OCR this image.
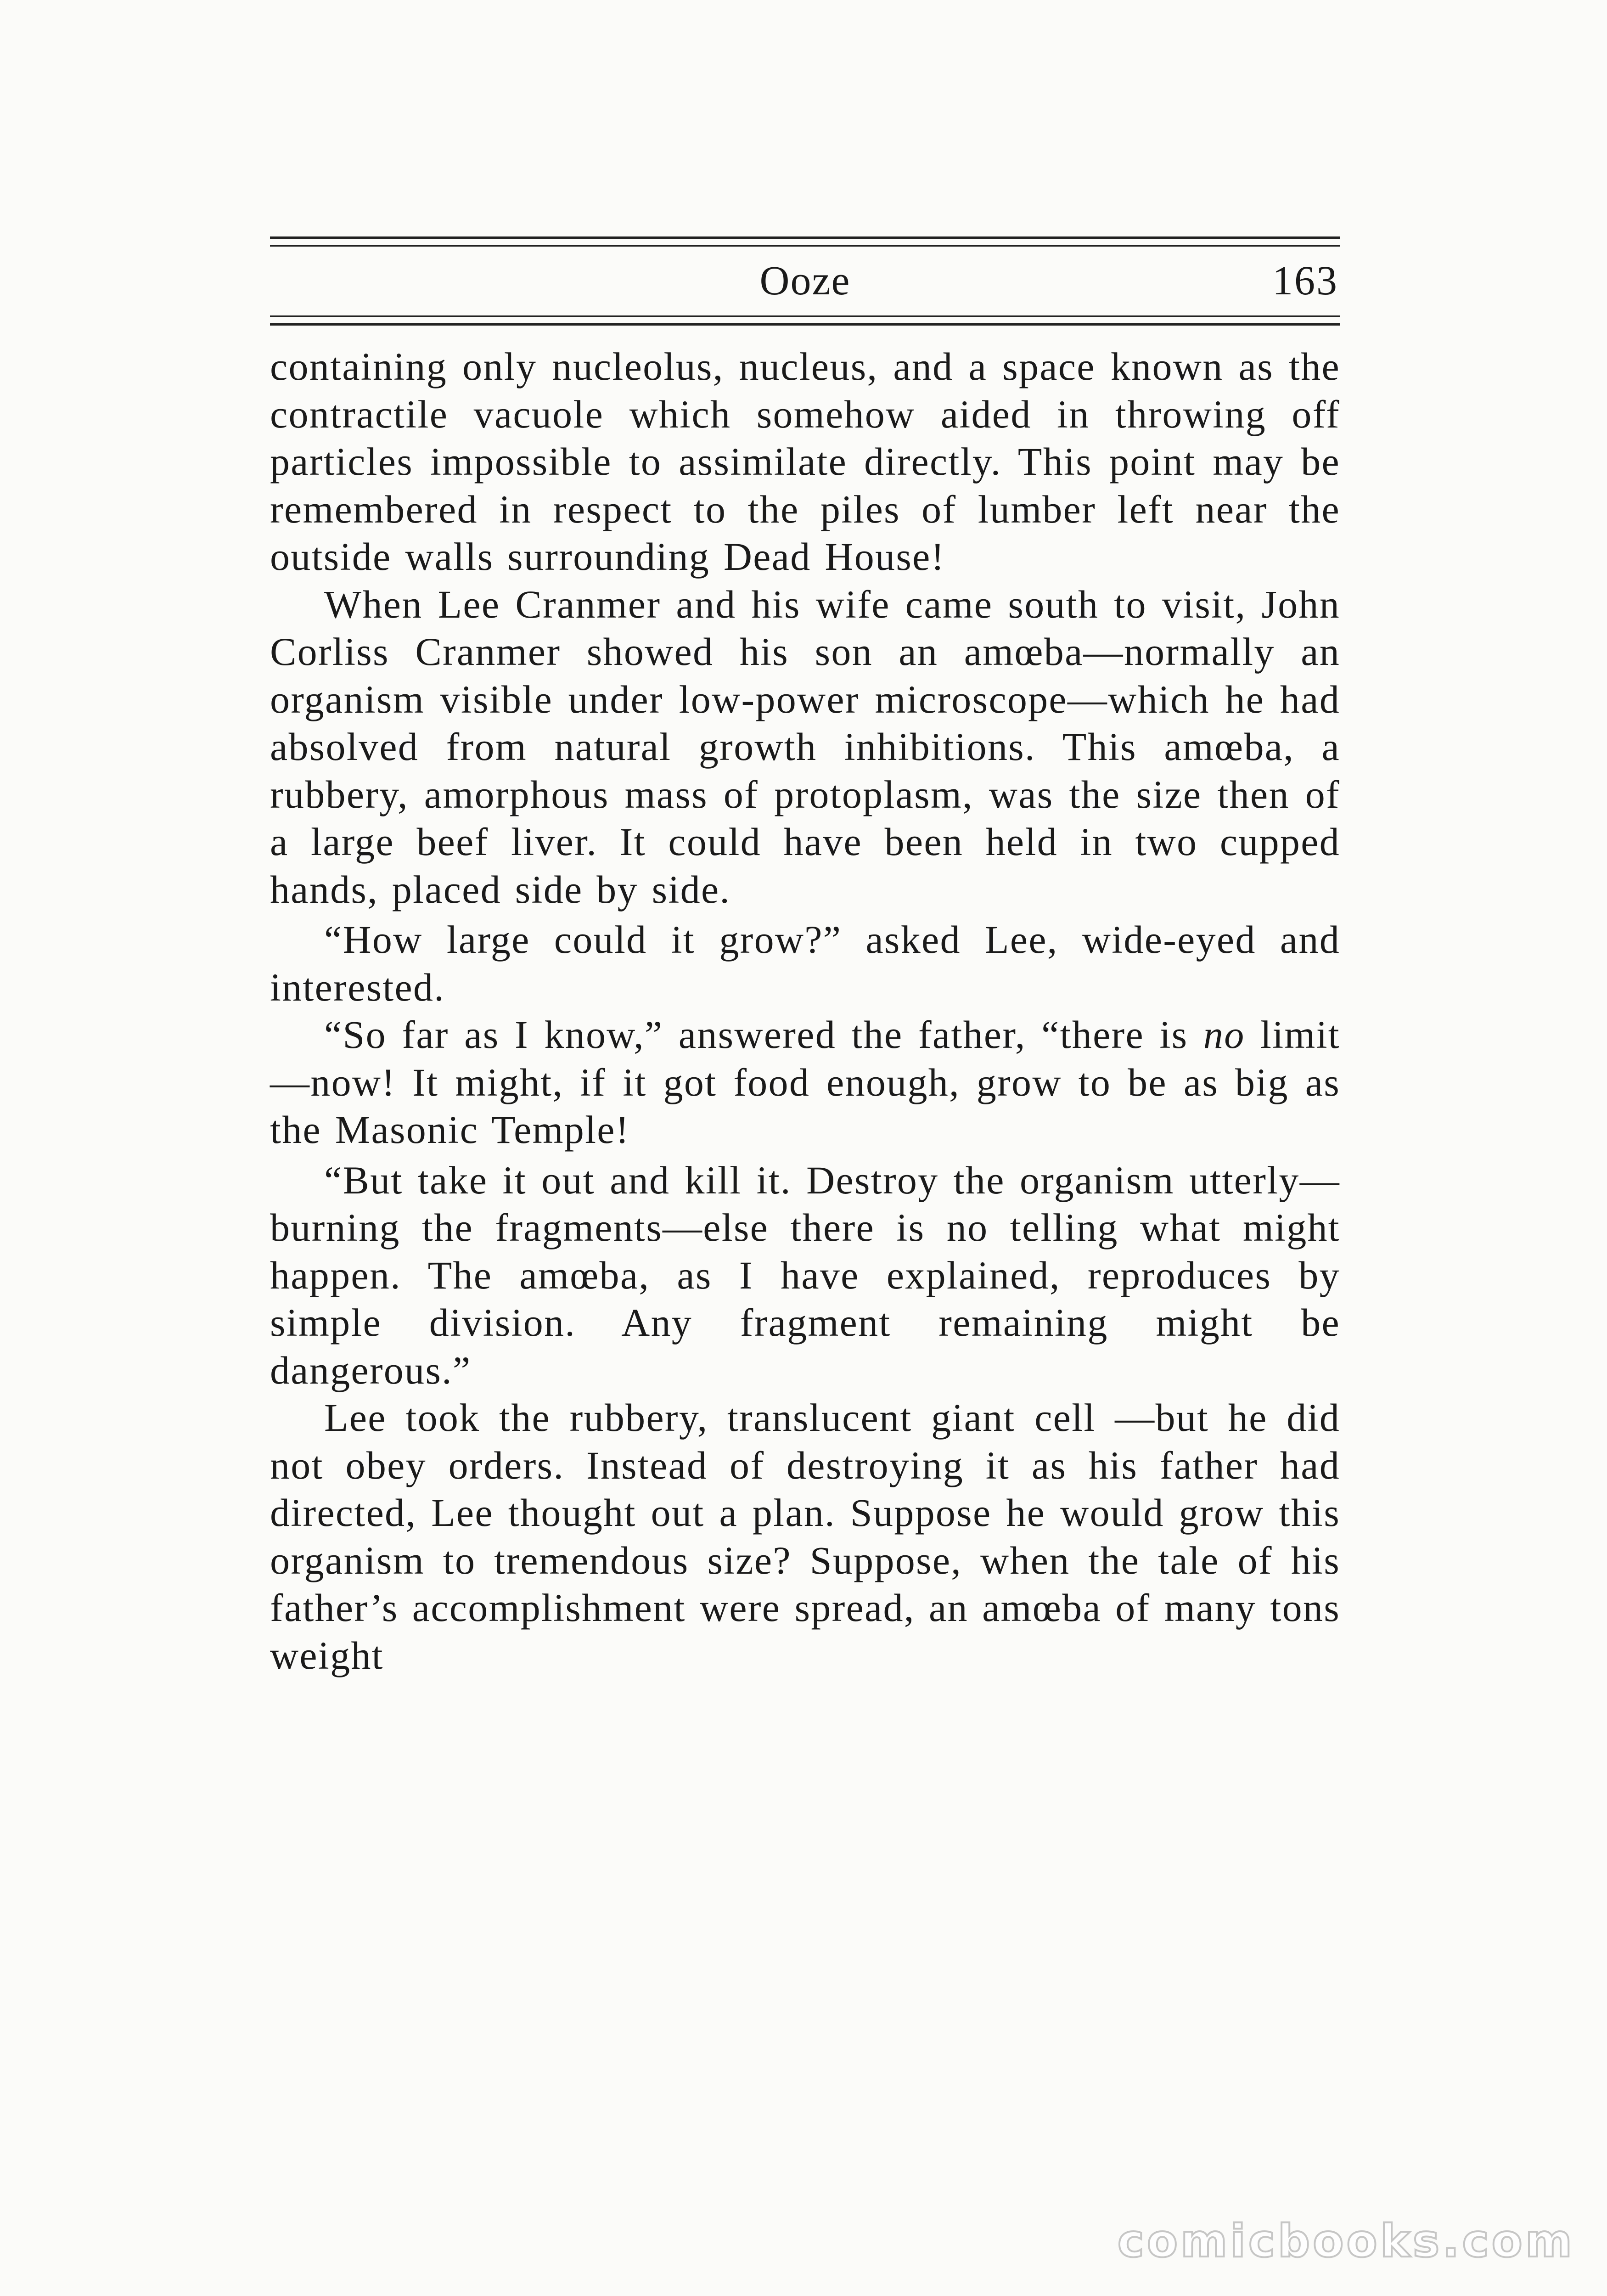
Ooze	163

containing only nucleolus, nucleus, and a space known as the contractile vacuole which somehow aided in throwing off particles impossible to assimilate directly. This point may be remembered in respect to the piles of lumber left near the outside walls surrounding Dead House!

When Lee Cranmer and his wife came south to visit, John Corliss Cranmer showed his son an amœba—normally an organism visible under low-power microscope—which he had absolved from natural growth inhibitions. This amœba, a rubbery, amorphous mass of protoplasm, was the size then of a large beef liver. It could have been held in two cupped hands, placed side by side.

“How large could it grow?” asked Lee, wide-eyed and interested.

“So far as I know,” answered the father, “there is no limit—now! It might, if it got food enough, grow to be as big as the Masonic Temple!

“But take it out and kill it. Destroy the organism utterly—burning the fragments—else there is no telling what might happen. The amœba, as I have explained, reproduces by simple division. Any fragment remaining might be dangerous.”

Lee took the rubbery, translucent giant cell —but he did not obey orders. Instead of destroying it as his father had directed, Lee thought out a plan. Suppose he would grow this organism to tremendous size? Suppose, when the tale of his father’s accomplishment were spread, an amœba of many tons weight

comicbooks.com
